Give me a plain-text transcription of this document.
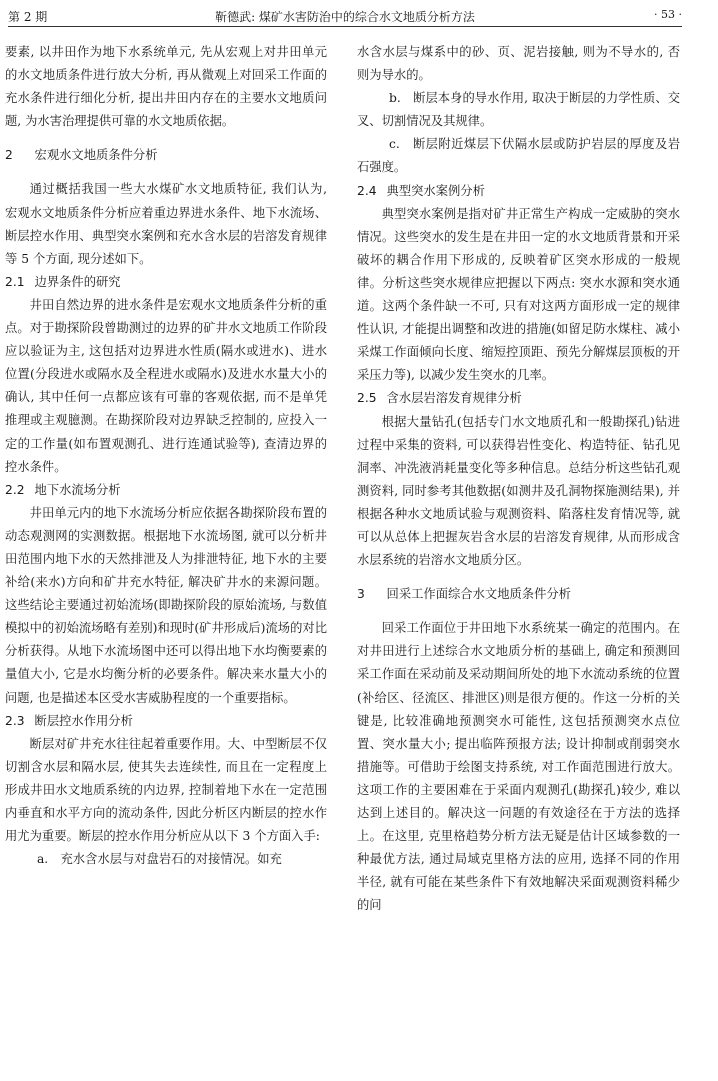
第 2 期	靳德武: 煤矿水害防治中的综合水文地质分析方法	· 53 ·

要素, 以井田作为地下水系统单元, 先从宏观上对井田单元的水文地质条件进行放大分析, 再从微观上对回采工作面的充水条件进行细化分析, 提出井田内存在的主要水文地质问题, 为水害治理提供可靠的水文地质依据。

2 宏观水文地质条件分析

通过概括我国一些大水煤矿水文地质特征, 我们认为, 宏观水文地质条件分析应着重边界进水条件、地下水流场、断层控水作用、典型突水案例和充水含水层的岩溶发育规律等 5 个方面, 现分述如下。

2.1 边界条件的研究

井田自然边界的进水条件是宏观水文地质条件分析的重点。对于勘探阶段曾勘测过的边界的矿井水文地质工作阶段应以验证为主, 这包括对边界进水性质(隔水或进水)、进水位置(分段进水或隔水及全程进水或隔水)及进水水量大小的确认, 其中任何一点都应该有可靠的客观依据, 而不是单凭推理或主观臆测。在勘探阶段对边界缺乏控制的, 应投入一定的工作量(如布置观测孔、进行连通试验等), 查清边界的控水条件。

2.2 地下水流场分析

井田单元内的地下水流场分析应依据各勘探阶段布置的动态观测网的实测数据。根据地下水流场图, 就可以分析井田范围内地下水的天然排泄及人为排泄特征, 地下水的主要补给(来水)方向和矿井充水特征, 解决矿井水的来源问题。这些结论主要通过初始流场(即勘探阶段的原始流场, 与数值模拟中的初始流场略有差别)和现时(矿井形成后)流场的对比分析获得。从地下水流场图中还可以得出地下水均衡要素的量值大小, 它是水均衡分析的必要条件。解决来水量大小的问题, 也是描述本区受水害威胁程度的一个重要指标。

2.3 断层控水作用分析

断层对矿井充水往往起着重要作用。大、中型断层不仅切割含水层和隔水层, 使其失去连续性, 而且在一定程度上形成井田水文地质系统的内边界, 控制着地下水在一定范围内垂直和水平方向的流动条件, 因此分析区内断层的控水作用尤为重要。断层的控水作用分析应从以下 3 个方面入手:

a.　充水含水层与对盘岩石的对接情况。如充

水含水层与煤系中的砂、页、泥岩接触, 则为不导水的, 否则为导水的。

b.　断层本身的导水作用, 取决于断层的力学性质、交叉、切割情况及其规律。

c.　断层附近煤层下伏隔水层或防护岩层的厚度及岩石强度。

2.4 典型突水案例分析

典型突水案例是指对矿井正常生产构成一定威胁的突水情况。这些突水的发生是在井田一定的水文地质背景和开采破坏的耦合作用下形成的, 反映着矿区突水形成的一般规律。分析这些突水规律应把握以下两点: 突水水源和突水通道。这两个条件缺一不可, 只有对这两方面形成一定的规律性认识, 才能提出调整和改进的措施(如留足防水煤柱、减小采煤工作面倾向长度、缩短控顶距、预先分解煤层顶板的开采压力等), 以减少发生突水的几率。

2.5 含水层岩溶发育规律分析

根据大量钻孔(包括专门水文地质孔和一般勘探孔)钻进过程中采集的资料, 可以获得岩性变化、构造特征、钻孔见洞率、冲洗液消耗量变化等多种信息。总结分析这些钻孔观测资料, 同时参考其他数据(如测井及孔洞物探施测结果), 并根据各种水文地质试验与观测资料、陷落柱发育情况等, 就可以从总体上把握灰岩含水层的岩溶发育规律, 从而形成含水层系统的岩溶水文地质分区。

3 回采工作面综合水文地质条件分析

回采工作面位于井田地下水系统某一确定的范围内。在对井田进行上述综合水文地质分析的基础上, 确定和预测回采工作面在采动前及采动期间所处的地下水流动系统的位置(补给区、径流区、排泄区)则是很方便的。作这一分析的关键是, 比较准确地预测突水可能性, 这包括预测突水点位置、突水量大小; 提出临阵预报方法; 设计抑制或削弱突水措施等。可借助于绘图支持系统, 对工作面范围进行放大。这项工作的主要困难在于采面内观测孔(勘探孔)较少, 难以达到上述目的。解决这一问题的有效途径在于方法的选择上。在这里, 克里格趋势分析方法无疑是估计区域参数的一种最优方法, 通过局域克里格方法的应用, 选择不同的作用半径, 就有可能在某些条件下有效地解决采面观测资料稀少的问
